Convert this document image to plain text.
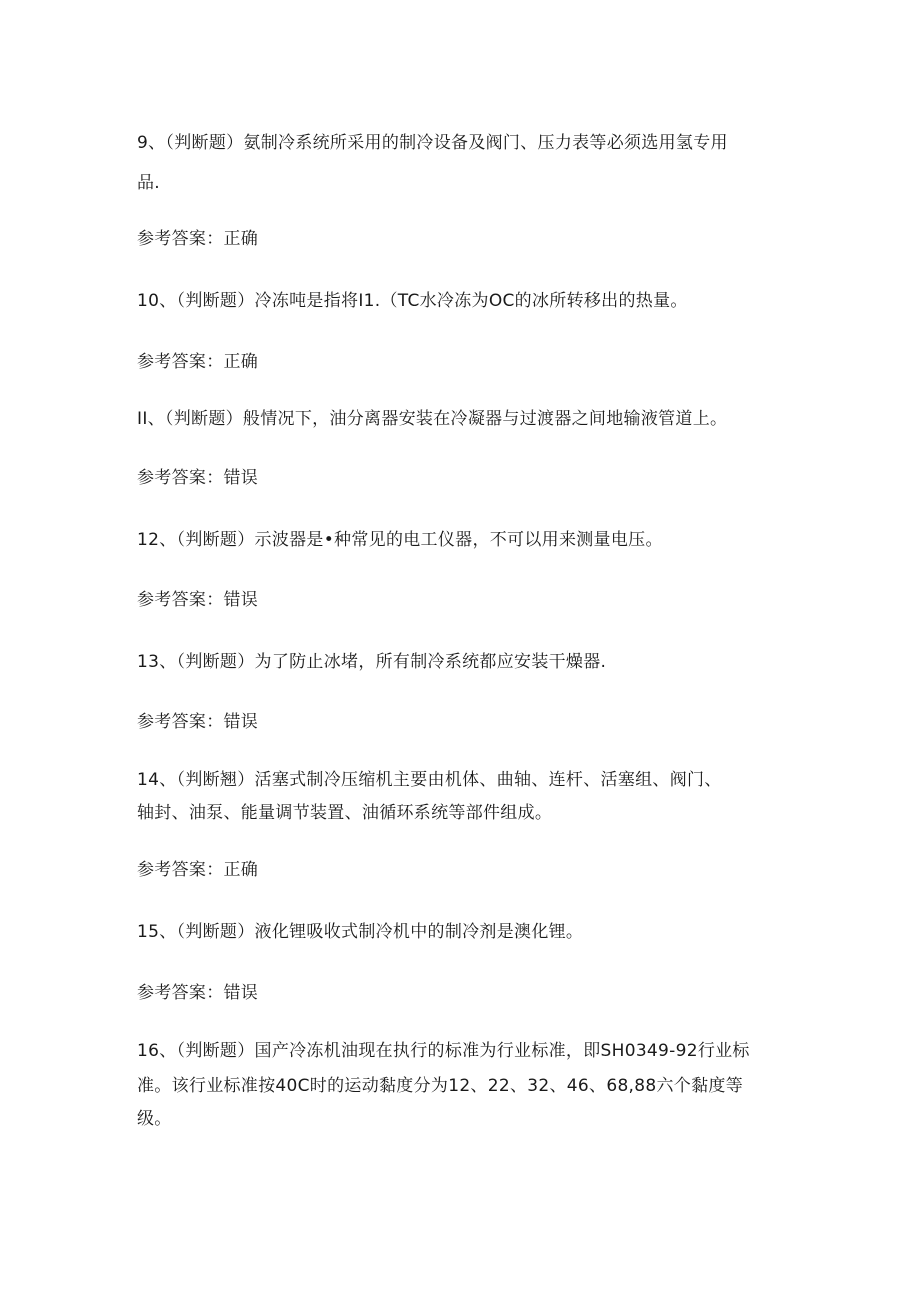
9、（判断题）氨制冷系统所采用的制冷设备及阀门、压力表等必须选用氢专用
品.
参考答案：正确
10、（判断题）冷冻吨是指将I1.（TC水冷冻为OC的冰所转移出的热量。
参考答案：正确
II、（判断题）般情况下，油分离器安装在冷凝器与过渡器之间地输液管道上。
参考答案：错误
12、（判断题）示波器是•种常见的电工仪器，不可以用来测量电压。
参考答案：错误
13、（判断题）为了防止冰堵，所有制冷系统都应安装干燥器.
参考答案：错误
14、（判断翘）活塞式制冷压缩机主要由机体、曲轴、连杆、活塞组、阀门、
轴封、油泵、能量调节装置、油循环系统等部件组成。
参考答案：正确
15、（判断题）液化锂吸收式制冷机中的制冷剂是澳化锂。
参考答案：错误
16、（判断题）国产冷冻机油现在执行的标准为行业标准，即SH0349-92行业标
准。该行业标准按40C时的运动黏度分为12、22、32、46、68,88六个黏度等
级。
